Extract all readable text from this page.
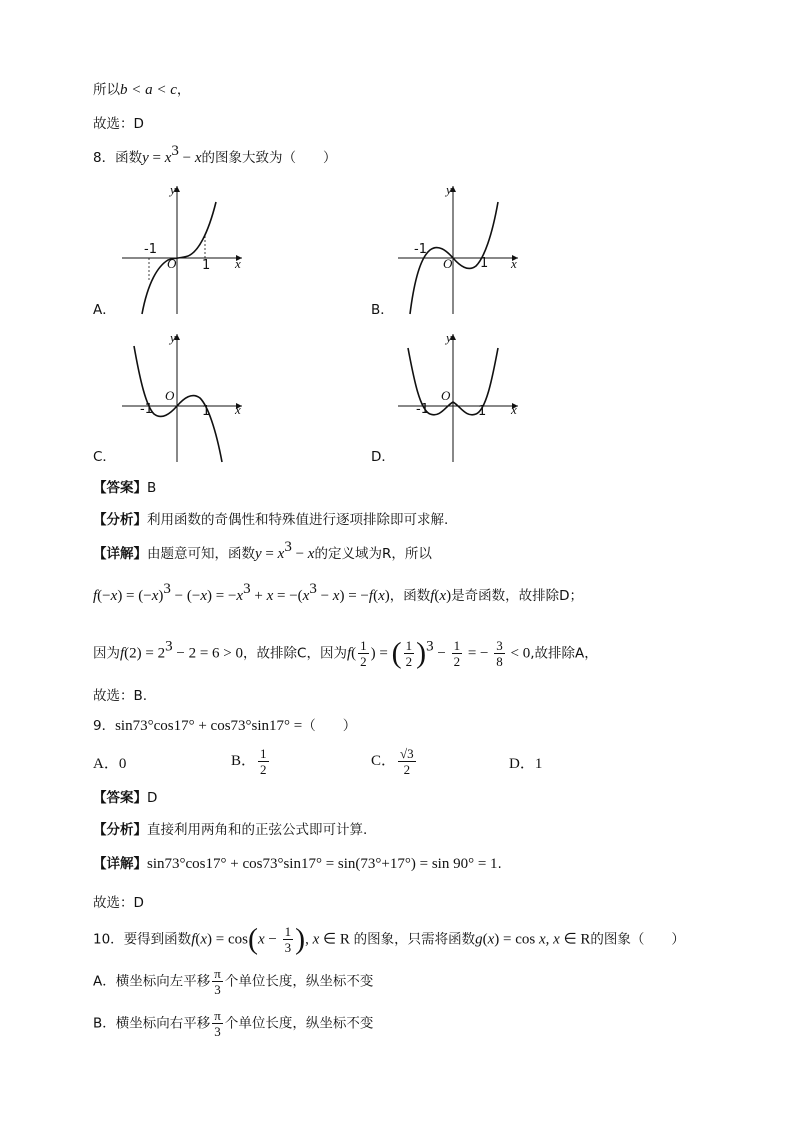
所以b < a < c，
故选：D
8．函数$y = x^3 - x$的图象大致为（　　）
y
-1
O 1 x
A．
y
-1
O 1 x
B．
y
-1
O
1 x
C．
y
-1
O
1 x
D．
【答案】B
【分析】利用函数的奇偶性和特殊值进行逐项排除即可求解.
【详解】由题意可知，函数$y = x^3 - x$的定义域为R，所以
$f(-x) = (-x)^3 - (-x) = -x^3 + x = -(x^3 - x) = -f(x)$，函数f(x)是奇函数，故排除D；
因为$f(2) = 2^3 - 2 = 6 > 0$，故排除C，因为$f( \frac{1}{2}$ ) = ( $\frac{1}{2} )^3 - \frac{1}{2}$ = − $\frac{3}{8} < 0$,故排除A，
故选：B.
9．sin73°cos17° + cos73°sin17° =（　　）
A．0	B． $\frac{1}{2}$	C． $\frac{√3}{2}$	D．1
【答案】D
【分析】直接利用两角和的正弦公式即可计算.
【详解】sin73°cos17° + cos73°sin17° = sin(73°+17°) = sin 90° = 1.
故选：D
10．要得到函数$f(x) = \cos(x - \frac{1}{3}$ ), x ∈ R 的图象，只需将函数g(x) = cos x, x ∈ R的图象（　　）
A．横坐标向左平移 $\frac{\pi}{3}$ 个单位长度，纵坐标不变
B．横坐标向右平移 $\frac{\pi}{3}$ 个单位长度，纵坐标不变
